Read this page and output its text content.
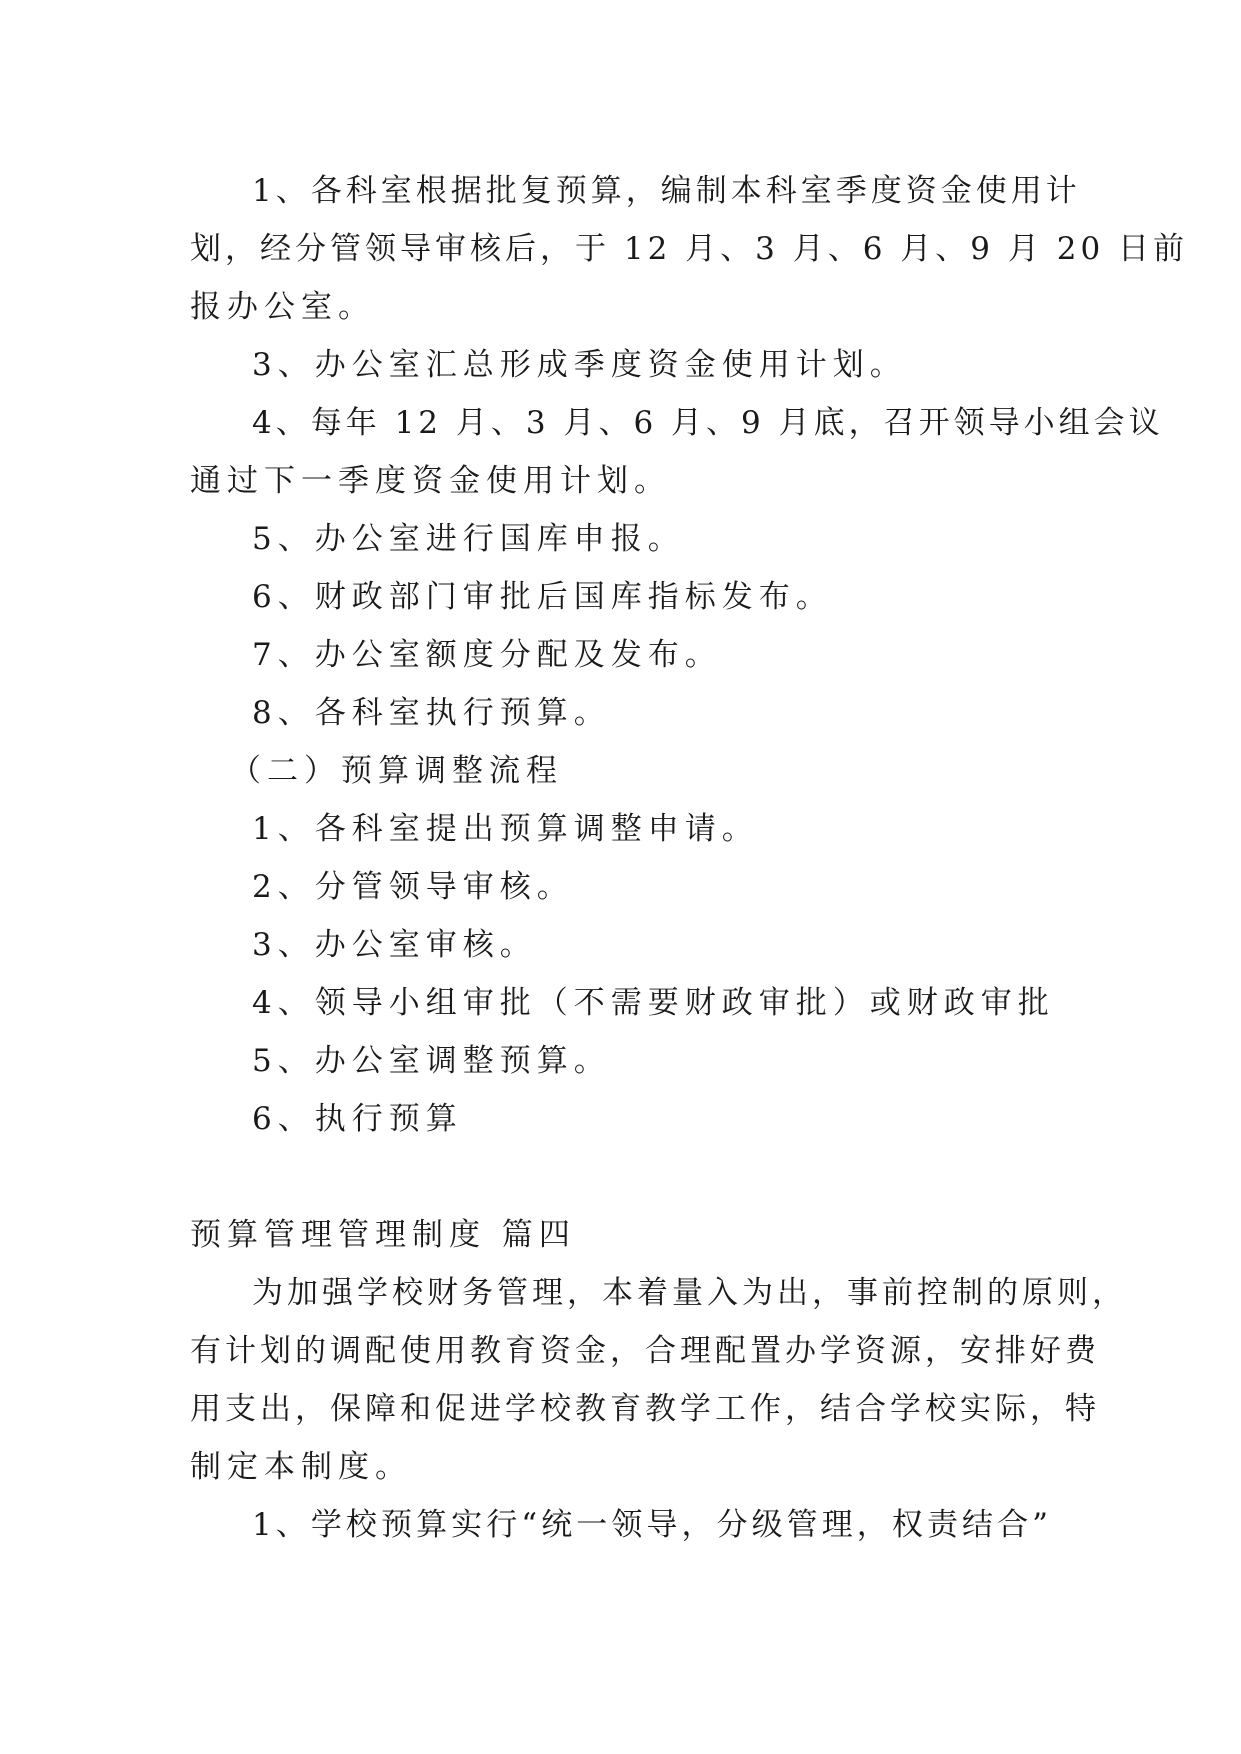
1、各科室根据批复预算，编制本科室季度资金使用计
划，经分管领导审核后，于 12 月、3 月、6 月、9 月 20 日前
报办公室。
3、办公室汇总形成季度资金使用计划。
4、每年 12 月、3 月、6 月、9 月底，召开领导小组会议
通过下一季度资金使用计划。
5、办公室进行国库申报。
6、财政部门审批后国库指标发布。
7、办公室额度分配及发布。
8、各科室执行预算。
（二）预算调整流程
1、各科室提出预算调整申请。
2、分管领导审核。
3、办公室审核。
4、领导小组审批（不需要财政审批）或财政审批
5、办公室调整预算。
6、执行预算
预算管理管理制度 篇四
为加强学校财务管理，本着量入为出，事前控制的原则，
有计划的调配使用教育资金，合理配置办学资源，安排好费
用支出，保障和促进学校教育教学工作，结合学校实际，特
制定本制度。
1、学校预算实行“统一领导，分级管理，权责结合”
